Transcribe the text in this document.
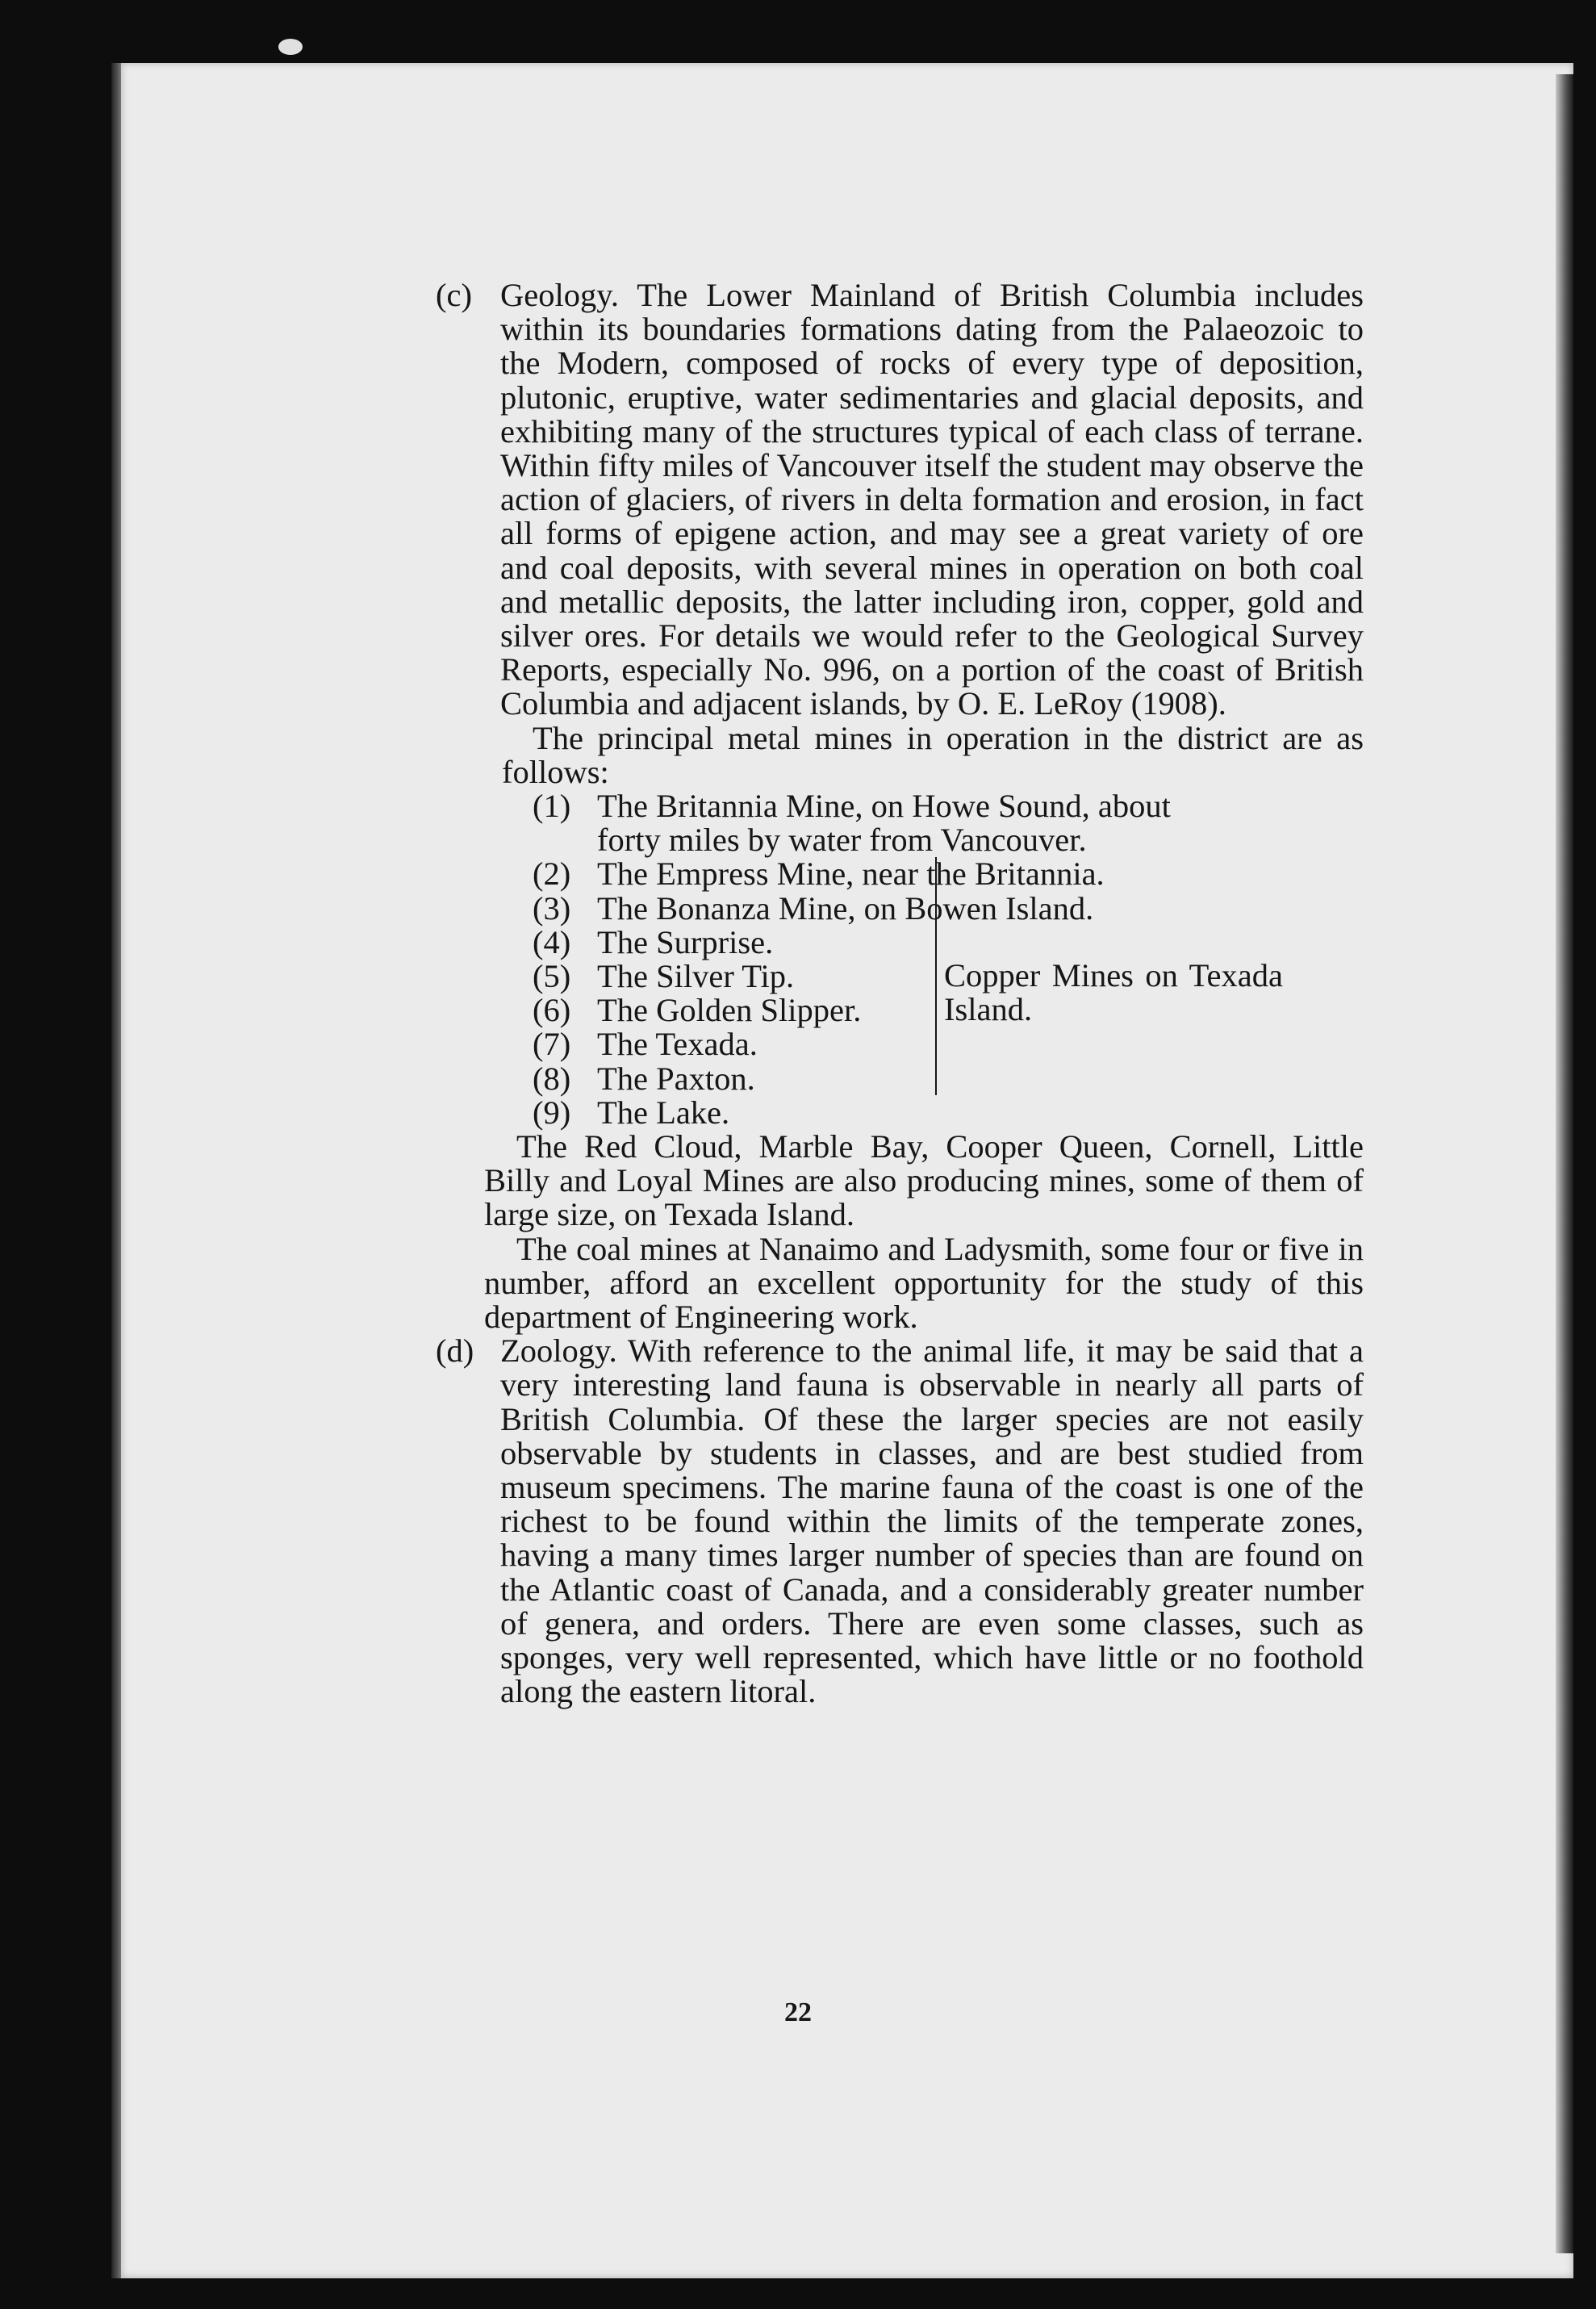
(c) Geology. The Lower Mainland of British Columbia includes within its boundaries formations dating from the Palaeozoic to the Modern, composed of rocks of every type of deposition, plutonic, eruptive, water sedimentaries and glacial deposits, and exhibiting many of the structures typical of each class of terrane. Within fifty miles of Vancouver itself the student may observe the action of glaciers, of rivers in delta formation and erosion, in fact all forms of epigene action, and may see a great variety of ore and coal deposits, with several mines in operation on both coal and metallic deposits, the latter including iron, copper, gold and silver ores. For details we would refer to the Geological Survey Reports, especially No. 996, on a portion of the coast of British Columbia and adjacent islands, by O. E. LeRoy (1908).

The principal metal mines in operation in the district are as follows:

(1) The Britannia Mine, on Howe Sound, about
forty miles by water from Vancouver.
(2) The Empress Mine, near the Britannia.
(3) The Bonanza Mine, on Bowen Island.
(4) The Surprise.
(5) The Silver Tip.
(6) The Golden Slipper.
(7) The Texada.
(8) The Paxton.
(9) The Lake.
Copper Mines on Texada Island.

The Red Cloud, Marble Bay, Cooper Queen, Cornell, Little Billy and Loyal Mines are also producing mines, some of them of large size, on Texada Island.

The coal mines at Nanaimo and Ladysmith, some four or five in number, afford an excellent opportunity for the study of this department of Engineering work.

(d) Zoology. With reference to the animal life, it may be said that a very interesting land fauna is observable in nearly all parts of British Columbia. Of these the larger species are not easily observable by students in classes, and are best studied from museum specimens. The marine fauna of the coast is one of the richest to be found within the limits of the temperate zones, having a many times larger number of species than are found on the Atlantic coast of Canada, and a considerably greater number of genera, and orders. There are even some classes, such as sponges, very well represented, which have little or no foothold along the eastern litoral.

22
